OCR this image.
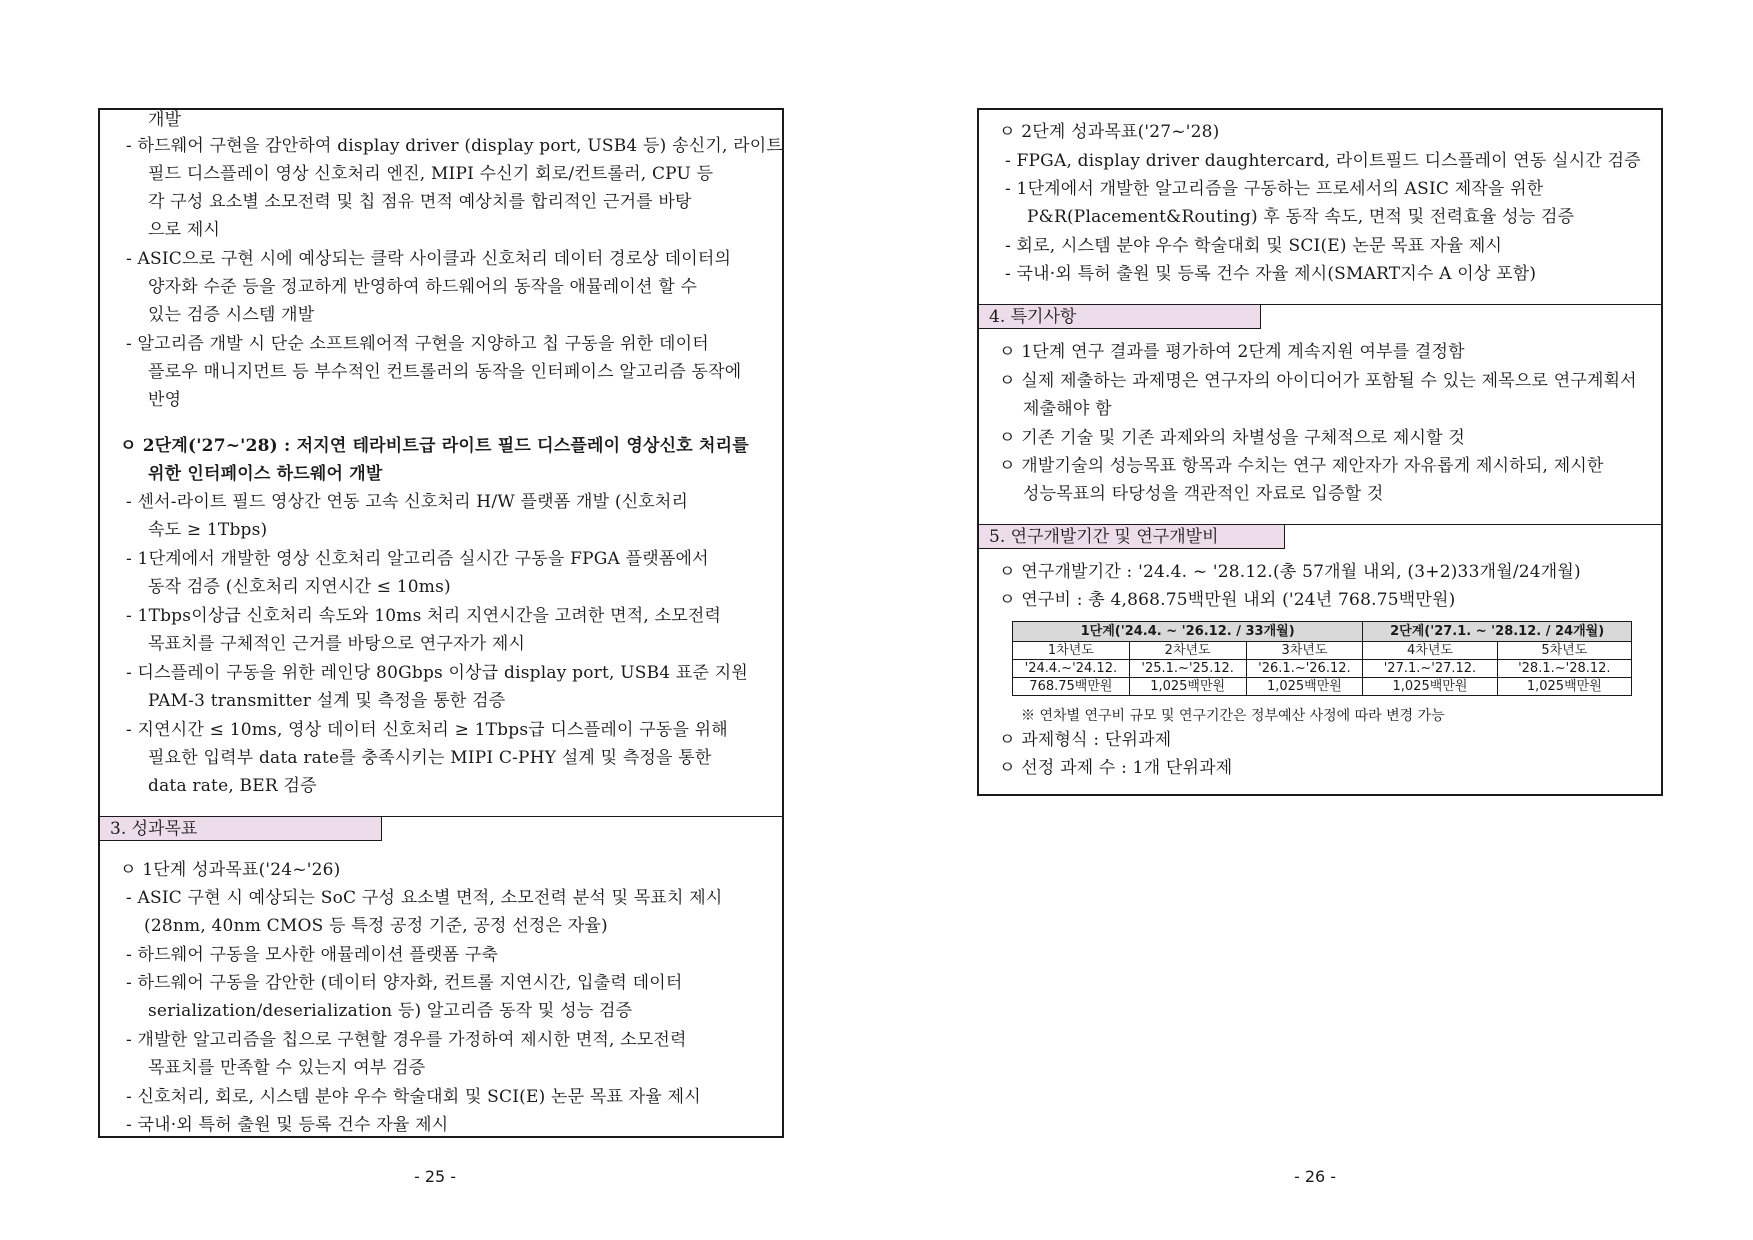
개발
- 하드웨어 구현을 감안하여 display driver (display port, USB4 등) 송신기, 라이트
필드 디스플레이 영상 신호처리 엔진, MIPI 수신기 회로/컨트롤러, CPU 등
각 구성 요소별 소모전력 및 칩 점유 면적 예상치를 합리적인 근거를 바탕
으로 제시
- ASIC으로 구현 시에 예상되는 클락 사이클과 신호처리 데이터 경로상 데이터의
양자화 수준 등을 정교하게 반영하여 하드웨어의 동작을 애뮬레이션 할 수
있는 검증 시스템 개발
- 알고리즘 개발 시 단순 소프트웨어적 구현을 지양하고 칩 구동을 위한 데이터
플로우 매니지먼트 등 부수적인 컨트롤러의 동작을 인터페이스 알고리즘 동작에
반영
ㅇ 2단계('27~'28) : 저지연 테라비트급 라이트 필드 디스플레이 영상신호 처리를
위한 인터페이스 하드웨어 개발
- 센서-라이트 필드 영상간 연동 고속 신호처리 H/W 플랫폼 개발 (신호처리
속도 ≥ 1Tbps)
- 1단계에서 개발한 영상 신호처리 알고리즘 실시간 구동을 FPGA 플랫폼에서
동작 검증 (신호처리 지연시간 ≤ 10ms)
- 1Tbps이상급 신호처리 속도와 10ms 처리 지연시간을 고려한 면적, 소모전력
목표치를 구체적인 근거를 바탕으로 연구자가 제시
- 디스플레이 구동을 위한 레인당 80Gbps 이상급 display port, USB4 표준 지원
PAM-3 transmitter 설계 및 측정을 통한 검증
- 지연시간 ≤ 10ms, 영상 데이터 신호처리 ≥ 1Tbps급 디스플레이 구동을 위해
필요한 입력부 data rate를 충족시키는 MIPI C-PHY 설계 및 측정을 통한
data rate, BER 검증
3. 성과목표
ㅇ 1단계 성과목표('24~'26)
- ASIC 구현 시 예상되는 SoC 구성 요소별 면적, 소모전력 분석 및 목표치 제시
(28nm, 40nm CMOS 등 특정 공정 기준, 공정 선정은 자율)
- 하드웨어 구동을 모사한 애뮬레이션 플랫폼 구축
- 하드웨어 구동을 감안한 (데이터 양자화, 컨트롤 지연시간, 입출력 데이터
serialization/deserialization 등) 알고리즘 동작 및 성능 검증
- 개발한 알고리즘을 칩으로 구현할 경우를 가정하여 제시한 면적, 소모전력
목표치를 만족할 수 있는지 여부 검증
- 신호처리, 회로, 시스템 분야 우수 학술대회 및 SCI(E) 논문 목표 자율 제시
- 국내·외 특허 출원 및 등록 건수 자율 제시
- 25 -
ㅇ 2단계 성과목표('27~'28)
- FPGA, display driver daughtercard, 라이트필드 디스플레이 연동 실시간 검증
- 1단계에서 개발한 알고리즘을 구동하는 프로세서의 ASIC 제작을 위한
P&R(Placement&Routing) 후 동작 속도, 면적 및 전력효율 성능 검증
- 회로, 시스템 분야 우수 학술대회 및 SCI(E) 논문 목표 자율 제시
- 국내·외 특허 출원 및 등록 건수 자율 제시(SMART지수 A 이상 포함)
4. 특기사항
ㅇ 1단계 연구 결과를 평가하여 2단계 계속지원 여부를 결정함
ㅇ 실제 제출하는 과제명은 연구자의 아이디어가 포함될 수 있는 제목으로 연구계획서
제출해야 함
ㅇ 기존 기술 및 기존 과제와의 차별성을 구체적으로 제시할 것
ㅇ 개발기술의 성능목표 항목과 수치는 연구 제안자가 자유롭게 제시하되, 제시한
성능목표의 타당성을 객관적인 자료로 입증할 것
5. 연구개발기간 및 연구개발비
ㅇ 연구개발기간 : '24.4. ~ '28.12.(총 57개월 내외, (3+2)33개월/24개월)
ㅇ 연구비 : 총 4,868.75백만원 내외 ('24년 768.75백만원)
1단계('24.4. ~ '26.12. / 33개월)			2단계('27.1. ~ '28.12. / 24개월)	
1차년도	2차년도	3차년도	4차년도	5차년도
'24.4.~'24.12.	'25.1.~'25.12.	'26.1.~'26.12.	'27.1.~'27.12.	'28.1.~'28.12.
768.75백만원	1,025백만원	1,025백만원	1,025백만원	1,025백만원
※ 연차별 연구비 규모 및 연구기간은 정부예산 사정에 따라 변경 가능
ㅇ 과제형식 : 단위과제
ㅇ 선정 과제 수 : 1개 단위과제
- 26 -
